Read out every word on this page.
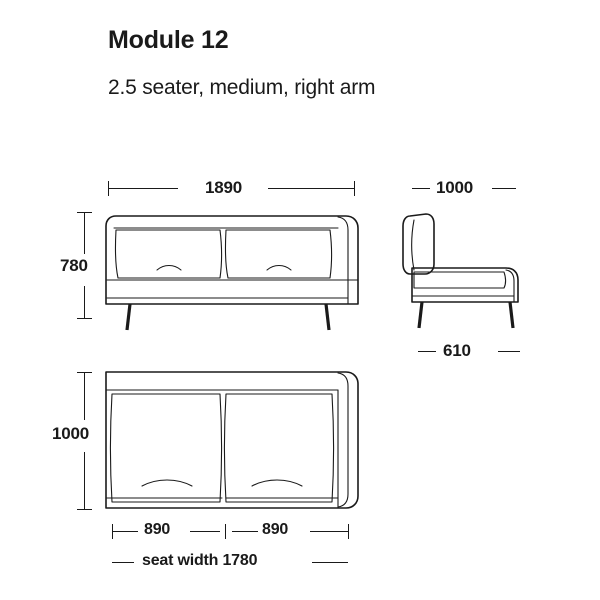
Module 12
2.5 seater, medium, right arm
1890
780
1000
610
1000
890	890
seat width 1780
